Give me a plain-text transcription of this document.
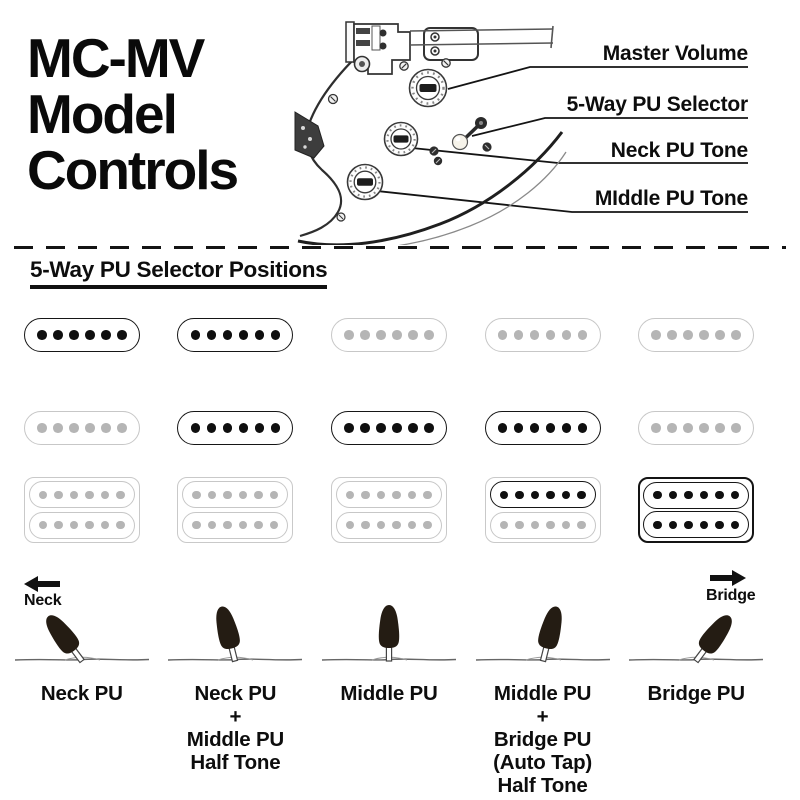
MC-MV
Model
Controls
Master Volume
5-Way PU Selector
Neck PU Tone
MIddle PU Tone
5-Way PU Selector Positions
Neck PU	Neck PU
+
Middle PU
Half Tone
Middle PU	Middle PU
+
Bridge PU
(Auto Tap)
Half Tone
Bridge PU
Neck	Bridge
